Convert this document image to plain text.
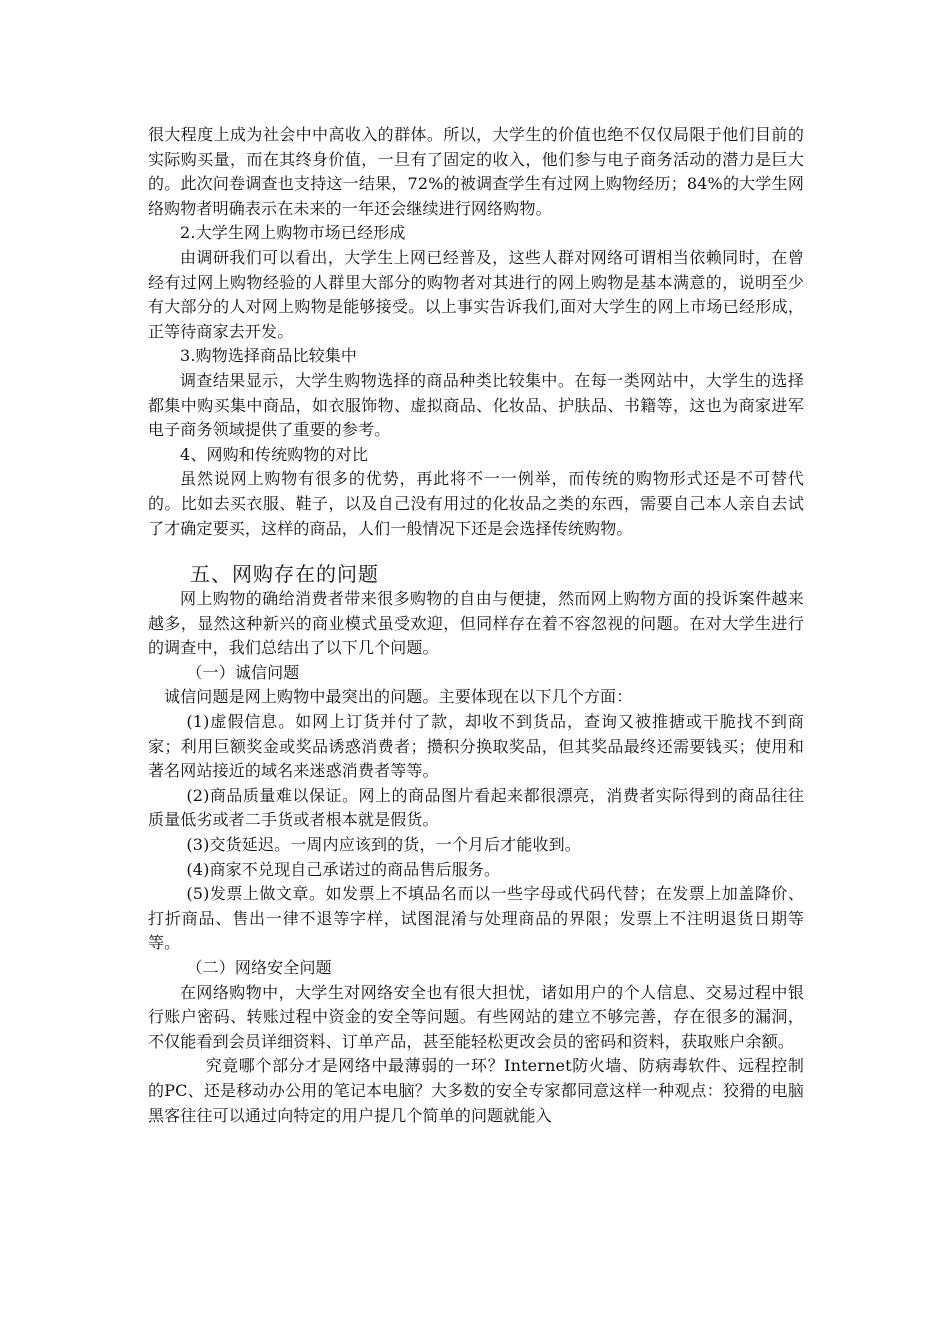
很大程度上成为社会中中高收入的群体。所以，大学生的价值也绝不仅仅局限于他们目前的实际购买量，而在其终身价值，一旦有了固定的收入，他们参与电子商务活动的潜力是巨大的。此次问卷调查也支持这一结果，72%的被调查学生有过网上购物经历；84%的大学生网络购物者明确表示在未来的一年还会继续进行网络购物。

2.大学生网上购物市场已经形成

由调研我们可以看出，大学生上网已经普及，这些人群对网络可谓相当依赖同时，在曾经有过网上购物经验的人群里大部分的购物者对其进行的网上购物是基本满意的，说明至少有大部分的人对网上购物是能够接受。以上事实告诉我们,面对大学生的网上市场已经形成，正等待商家去开发。

3.购物选择商品比较集中

调查结果显示，大学生购物选择的商品种类比较集中。在每一类网站中，大学生的选择都集中购买集中商品，如衣服饰物、虚拟商品、化妆品、护肤品、书籍等，这也为商家进军电子商务领域提供了重要的参考。

4、网购和传统购物的对比

虽然说网上购物有很多的优势，再此将不一一例举，而传统的购物形式还是不可替代的。比如去买衣服、鞋子，以及自己没有用过的化妆品之类的东西，需要自己本人亲自去试了才确定要买，这样的商品，人们一般情况下还是会选择传统购物。

五、网购存在的问题

网上购物的确给消费者带来很多购物的自由与便捷，然而网上购物方面的投诉案件越来越多，显然这种新兴的商业模式虽受欢迎，但同样存在着不容忽视的问题。在对大学生进行的调查中，我们总结出了以下几个问题。

（一）诚信问题

诚信问题是网上购物中最突出的问题。主要体现在以下几个方面：

(1)虚假信息。如网上订货并付了款，却收不到货品，查询又被推搪或干脆找不到商家；利用巨额奖金或奖品诱惑消费者；攒积分换取奖品，但其奖品最终还需要钱买；使用和著名网站接近的域名来迷惑消费者等等。

(2)商品质量难以保证。网上的商品图片看起来都很漂亮，消费者实际得到的商品往往质量低劣或者二手货或者根本就是假货。

(3)交货延迟。一周内应该到的货，一个月后才能收到。

(4)商家不兑现自己承诺过的商品售后服务。

(5)发票上做文章。如发票上不填品名而以一些字母或代码代替；在发票上加盖降价、打折商品、售出一律不退等字样，试图混淆与处理商品的界限；发票上不注明退货日期等等。

（二）网络安全问题

在网络购物中，大学生对网络安全也有很大担忧，诸如用户的个人信息、交易过程中银行账户密码、转账过程中资金的安全等问题。有些网站的建立不够完善，存在很多的漏洞，不仅能看到会员详细资料、订单产品，甚至能轻松更改会员的密码和资料，获取账户余额。

究竟哪个部分才是网络中最薄弱的一环？Internet防火墙、防病毒软件、远程控制的PC、还是移动办公用的笔记本电脑？大多数的安全专家都同意这样一种观点：狡猾的电脑黑客往往可以通过向特定的用户提几个简单的问题就能入
